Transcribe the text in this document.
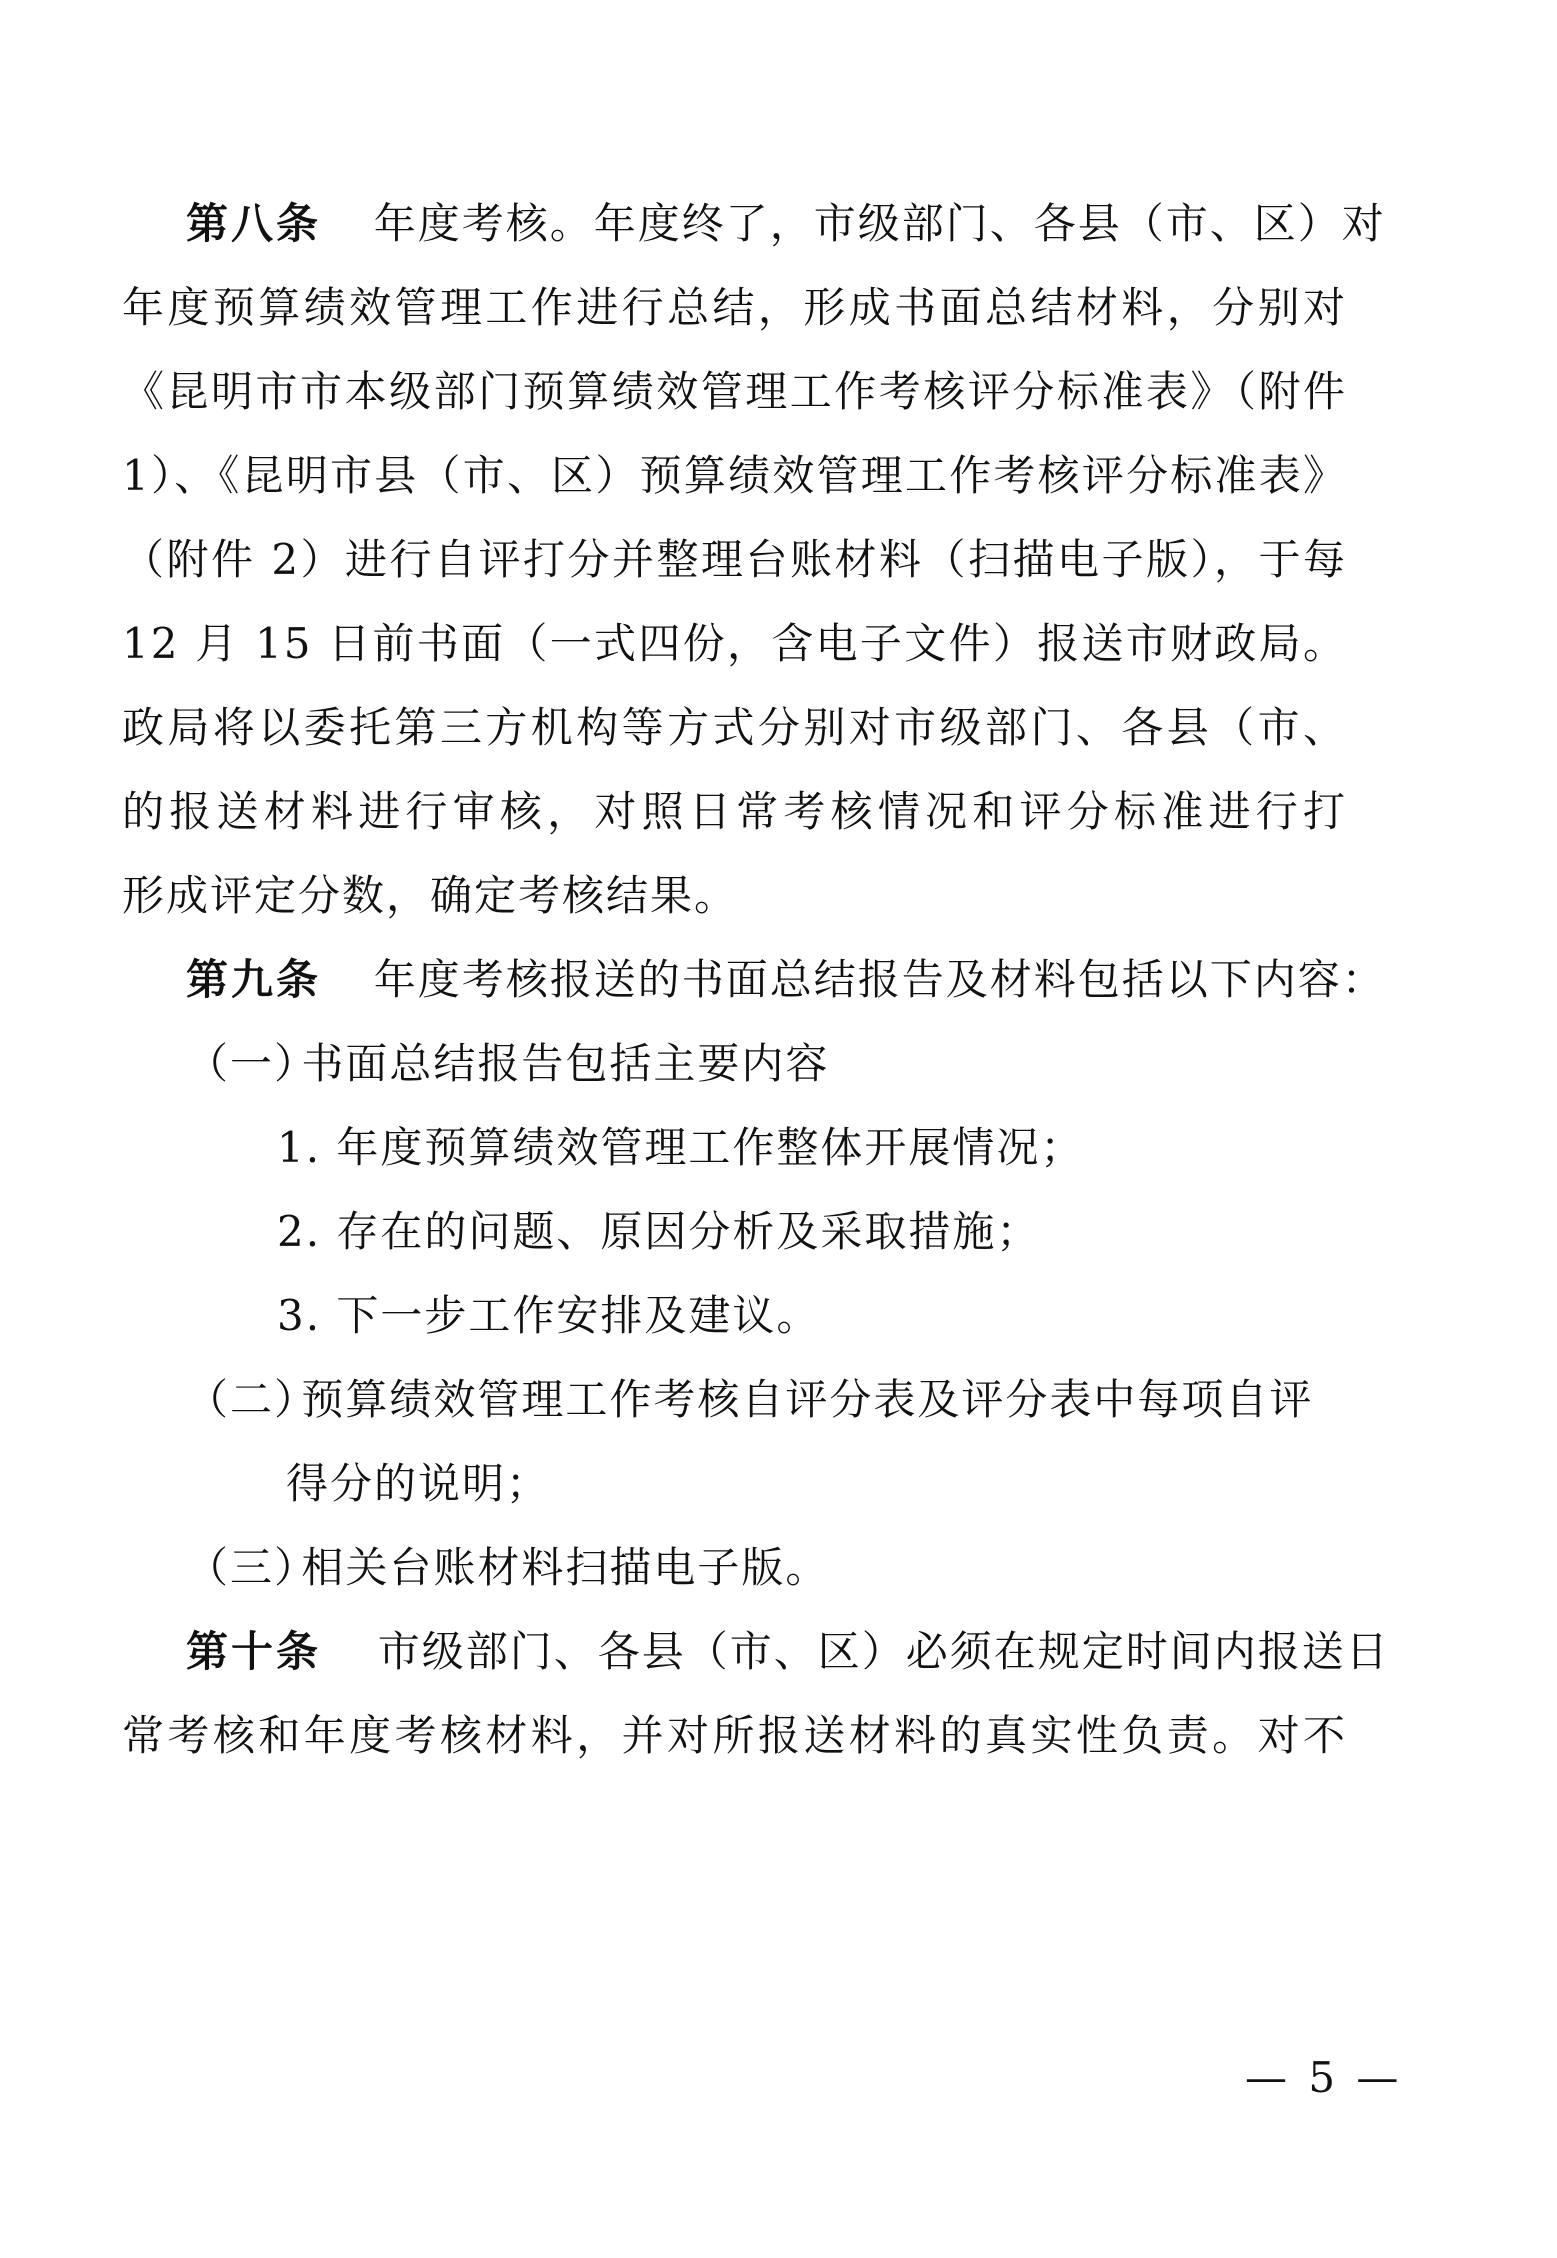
第八条 年度考核。年度终了，市级部门、各县（市、区）对
年度预算绩效管理工作进行总结，形成书面总结材料，分别对
《昆明市市本级部门预算绩效管理工作考核评分标准表》（附件
1）、《昆明市县（市、区）预算绩效管理工作考核评分标准表》
（附件 2）进行自评打分并整理台账材料（扫描电子版），于每
12 月 15 日前书面（一式四份，含电子文件）报送市财政局。
政局将以委托第三方机构等方式分别对市级部门、各县（市、
的报送材料进行审核，对照日常考核情况和评分标准进行打
形成评定分数，确定考核结果。
第九条 年度考核报送的书面总结报告及材料包括以下内容：
（一） 书面总结报告包括主要内容
1. 年度预算绩效管理工作整体开展情况；
2. 存在的问题、原因分析及采取措施；
3. 下一步工作安排及建议。
（二） 预算绩效管理工作考核自评分表及评分表中每项自评
得分的说明；
（三） 相关台账材料扫描电子版。
第十条 市级部门、各县（市、区）必须在规定时间内报送日
常考核和年度考核材料，并对所报送材料的真实性负责。对不
— 5 —
